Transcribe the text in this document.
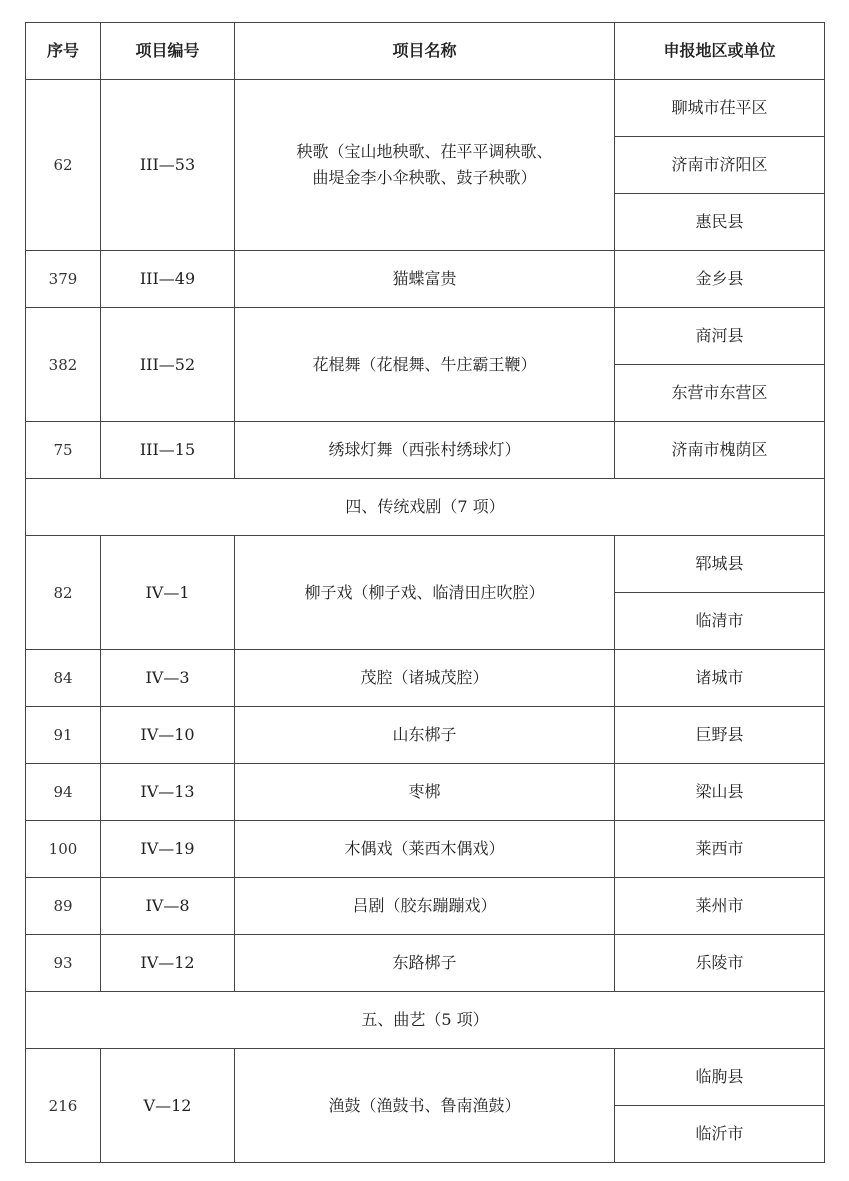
序号	项目编号	项目名称	申报地区或单位
62	III—53	秧歌（宝山地秧歌、茌平平调秧歌、
曲堤金李小伞秧歌、鼓子秧歌）	聊城市茌平区
			济南市济阳区
			惠民县
379	III—49	猫蝶富贵	金乡县
382	III—52	花棍舞（花棍舞、牛庄霸王鞭）	商河县
			东营市东营区
75	III—15	绣球灯舞（西张村绣球灯）	济南市槐荫区
四、传统戏剧（7 项）			
82	IV—1	柳子戏（柳子戏、临清田庄吹腔）	郓城县
			临清市
84	IV—3	茂腔（诸城茂腔）	诸城市
91	IV—10	山东梆子	巨野县
94	IV—13	枣梆	梁山县
100	IV—19	木偶戏（莱西木偶戏）	莱西市
89	IV—8	吕剧（胶东蹦蹦戏）	莱州市
93	IV—12	东路梆子	乐陵市
五、曲艺（5 项）			
216	V—12	渔鼓（渔鼓书、鲁南渔鼓）	临朐县
			临沂市
